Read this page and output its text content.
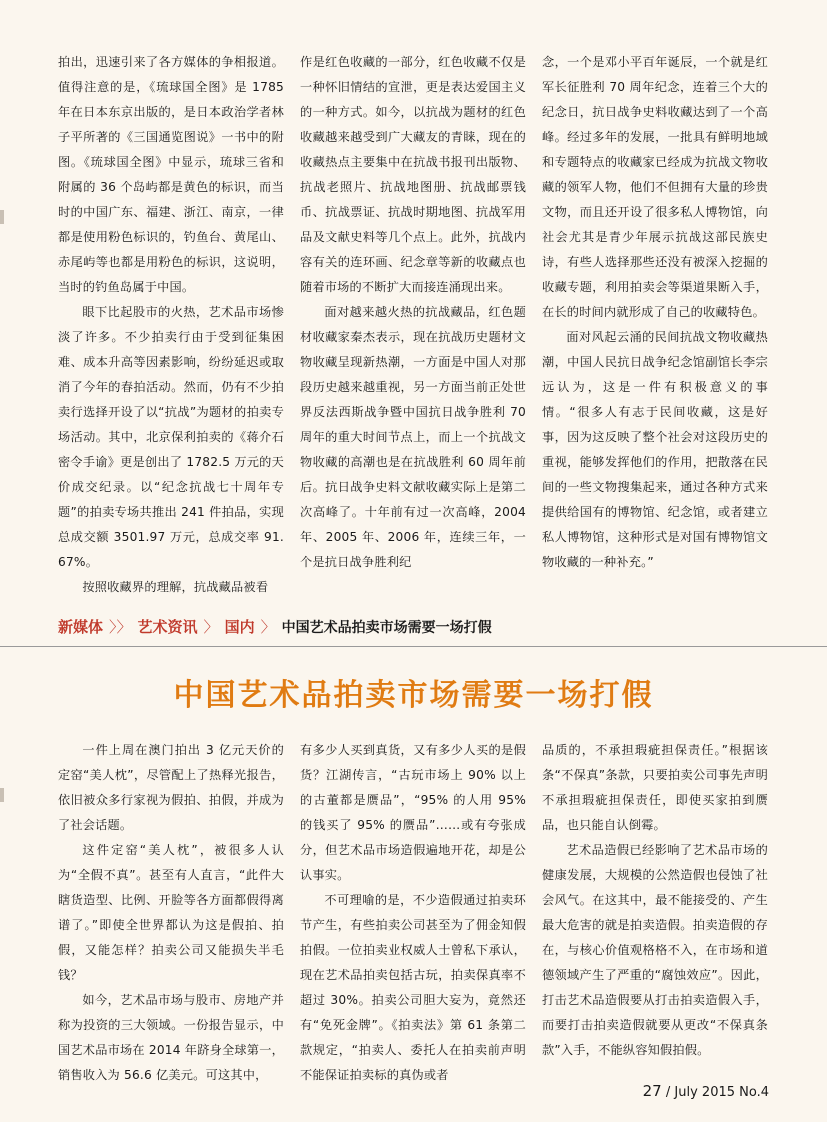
拍出，迅速引来了各方媒体的争相报道。值得注意的是，《琉球国全图》是 1785 年在日本东京出版的，是日本政治学者林子平所著的《三国通览图说》一书中的附图。《琉球国全图》中显示，琉球三省和附属的 36 个岛屿都是黄色的标识，而当时的中国广东、福建、浙江、南京，一律都是使用粉色标识的，钓鱼台、黄尾山、赤尾屿等也都是用粉色的标识，这说明，当时的钓鱼岛属于中国。

眼下比起股市的火热，艺术品市场惨淡了许多。不少拍卖行由于受到征集困难、成本升高等因素影响，纷纷延迟或取消了今年的春拍活动。然而，仍有不少拍卖行选择开设了以“抗战”为题材的拍卖专场活动。其中，北京保利拍卖的《蒋介石密令手谕》更是创出了 1782.5 万元的天价成交纪录。以“纪念抗战七十周年专题”的拍卖专场共推出 241 件拍品，实现总成交额 3501.97 万元，总成交率 91.67%。

按照收藏界的理解，抗战藏品被看

作是红色收藏的一部分，红色收藏不仅是一种怀旧情结的宣泄，更是表达爱国主义的一种方式。如今，以抗战为题材的红色收藏越来越受到广大藏友的青睐，现在的收藏热点主要集中在抗战书报刊出版物、抗战老照片、抗战地图册、抗战邮票钱币、抗战票证、抗战时期地图、抗战军用品及文献史料等几个点上。此外，抗战内容有关的连环画、纪念章等新的收藏点也随着市场的不断扩大而接连涌现出来。

面对越来越火热的抗战藏品，红色题材收藏家秦杰表示，现在抗战历史题材文物收藏呈现新热潮，一方面是中国人对那段历史越来越重视，另一方面当前正处世界反法西斯战争暨中国抗日战争胜利 70 周年的重大时间节点上，而上一个抗战文物收藏的高潮也是在抗战胜利 60 周年前后。抗日战争史料文献收藏实际上是第二次高峰了。十年前有过一次高峰，2004 年、2005 年、2006 年，连续三年，一个是抗日战争胜利纪

念，一个是邓小平百年诞辰，一个就是红军长征胜利 70 周年纪念，连着三个大的纪念日，抗日战争史料收藏达到了一个高峰。经过多年的发展，一批具有鲜明地域和专题特点的收藏家已经成为抗战文物收藏的领军人物，他们不但拥有大量的珍贵文物，而且还开设了很多私人博物馆，向社会尤其是青少年展示抗战这部民族史诗，有些人选择那些还没有被深入挖掘的收藏专题，利用拍卖会等渠道果断入手，在长的时间内就形成了自己的收藏特色。

面对风起云涌的民间抗战文物收藏热潮，中国人民抗日战争纪念馆副馆长李宗远认为，这是一件有积极意义的事情。“很多人有志于民间收藏，这是好事，因为这反映了整个社会对这段历史的重视，能够发挥他们的作用，把散落在民间的一些文物搜集起来，通过各种方式来提供给国有的博物馆、纪念馆，或者建立私人博物馆，这种形式是对国有博物馆文物收藏的一种补充。”

新媒体 〉〉 艺术资讯 〉 国内 〉 中国艺术品拍卖市场需要一场打假
中国艺术品拍卖市场需要一场打假

一件上周在澳门拍出 3 亿元天价的定窑“美人枕”，尽管配上了热释光报告，依旧被众多行家视为假拍、拍假，并成为了社会话题。

这件定窑“美人枕”，被很多人认为“全假不真”。甚至有人直言，“此件大瞎货造型、比例、开脸等各方面都假得离谱了。”即使全世界都认为这是假拍、拍假，又能怎样？拍卖公司又能损失半毛钱？

如今，艺术品市场与股市、房地产并称为投资的三大领域。一份报告显示，中国艺术品市场在 2014 年跻身全球第一，销售收入为 56.6 亿美元。可这其中，

有多少人买到真货，又有多少人买的是假货？江湖传言，“古玩市场上 90% 以上的古董都是赝品”，“95% 的人用 95% 的钱买了 95% 的赝品”……或有夸张成分，但艺术品市场造假遍地开花，却是公认事实。

不可理喻的是，不少造假通过拍卖环节产生，有些拍卖公司甚至为了佣金知假拍假。一位拍卖业权威人士曾私下承认，现在艺术品拍卖包括古玩，拍卖保真率不超过 30%。拍卖公司胆大妄为，竟然还有“免死金牌”。《拍卖法》第 61 条第二款规定，“拍卖人、委托人在拍卖前声明不能保证拍卖标的真伪或者

品质的，不承担瑕疵担保责任。”根据该条“不保真”条款，只要拍卖公司事先声明不承担瑕疵担保责任，即使买家拍到赝品，也只能自认倒霉。

艺术品造假已经影响了艺术品市场的健康发展，大规模的公然造假也侵蚀了社会风气。在这其中，最不能接受的、产生最大危害的就是拍卖造假。拍卖造假的存在，与核心价值观格格不入，在市场和道德领域产生了严重的“腐蚀效应”。因此，打击艺术品造假要从打击拍卖造假入手，而要打击拍卖造假就要从更改“不保真条款”入手，不能纵容知假拍假。

27 / July 2015 No.4
